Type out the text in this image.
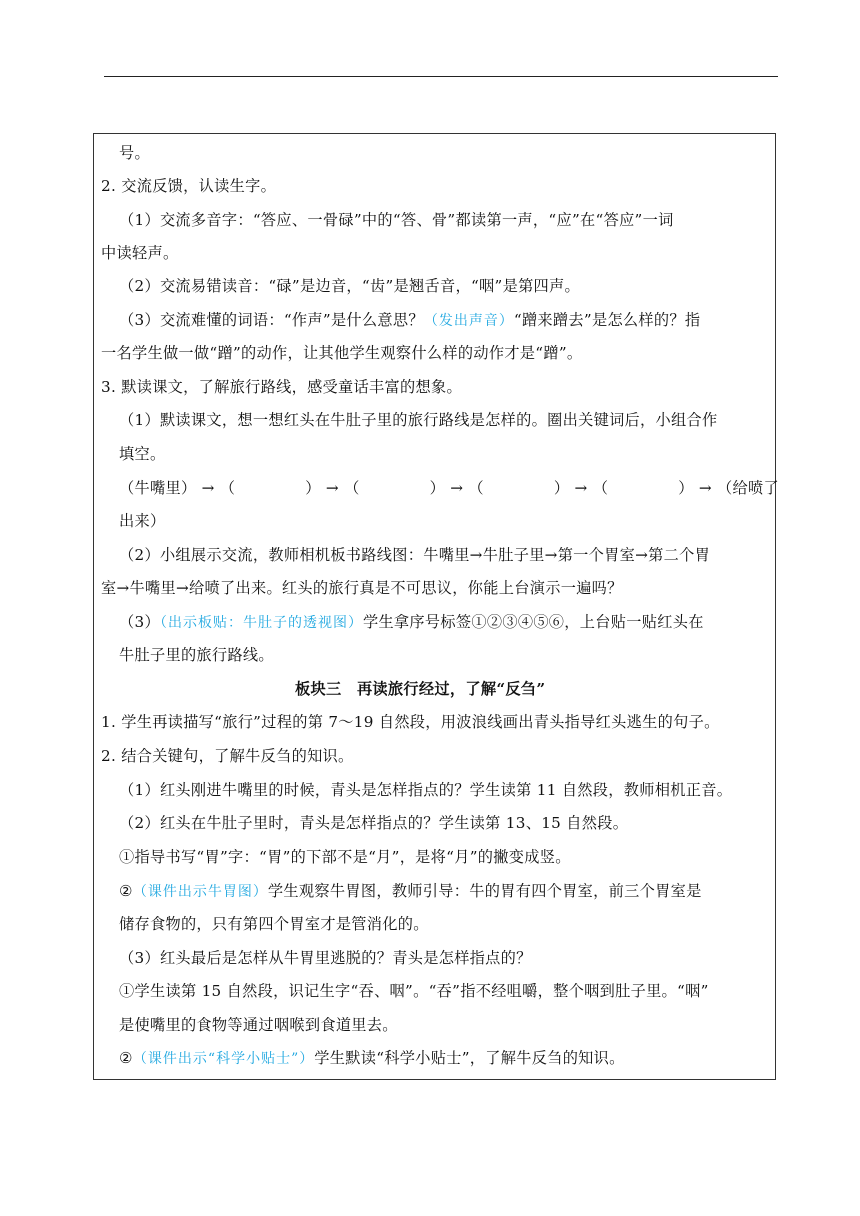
号。
2. 交流反馈，认读生字。
（1）交流多音字：“答应、一骨碌”中的“答、骨”都读第一声，“应”在“答应”一词
中读轻声。
（2）交流易错读音：“碌”是边音，“齿”是翘舌音，“咽”是第四声。
（3）交流难懂的词语：“作声”是什么意思？（发出声音）“蹭来蹭去”是怎么样的？指
一名学生做一做“蹭”的动作，让其他学生观察什么样的动作才是“蹭”。
3. 默读课文，了解旅行路线，感受童话丰富的想象。
（1）默读课文，想一想红头在牛肚子里的旅行路线是怎样的。圈出关键词后，小组合作
填空。
（牛嘴里） → （	） → （	） → （	） → （	） → （给喷了
出来）
（2）小组展示交流，教师相机板书路线图：牛嘴里→牛肚子里→第一个胃室→第二个胃
室→牛嘴里→给喷了出来。红头的旅行真是不可思议，你能上台演示一遍吗？
（3）（出示板贴：牛肚子的透视图）学生拿序号标签①②③④⑤⑥，上台贴一贴红头在
牛肚子里的旅行路线。
板块三　再读旅行经过，了解“反刍”
1. 学生再读描写“旅行”过程的第 7～19 自然段，用波浪线画出青头指导红头逃生的句子。
2. 结合关键句，了解牛反刍的知识。
（1）红头刚进牛嘴里的时候，青头是怎样指点的？学生读第 11 自然段，教师相机正音。
（2）红头在牛肚子里时，青头是怎样指点的？学生读第 13、15 自然段。
①指导书写“胃”字：“胃”的下部不是“月”，是将“月”的撇变成竖。
②（课件出示牛胃图）学生观察牛胃图，教师引导：牛的胃有四个胃室，前三个胃室是
储存食物的，只有第四个胃室才是管消化的。
（3）红头最后是怎样从牛胃里逃脱的？青头是怎样指点的？
①学生读第 15 自然段，识记生字“吞、咽”。“吞”指不经咀嚼，整个咽到肚子里。“咽”
是使嘴里的食物等通过咽喉到食道里去。
②（课件出示“科学小贴士”）学生默读“科学小贴士”，了解牛反刍的知识。
